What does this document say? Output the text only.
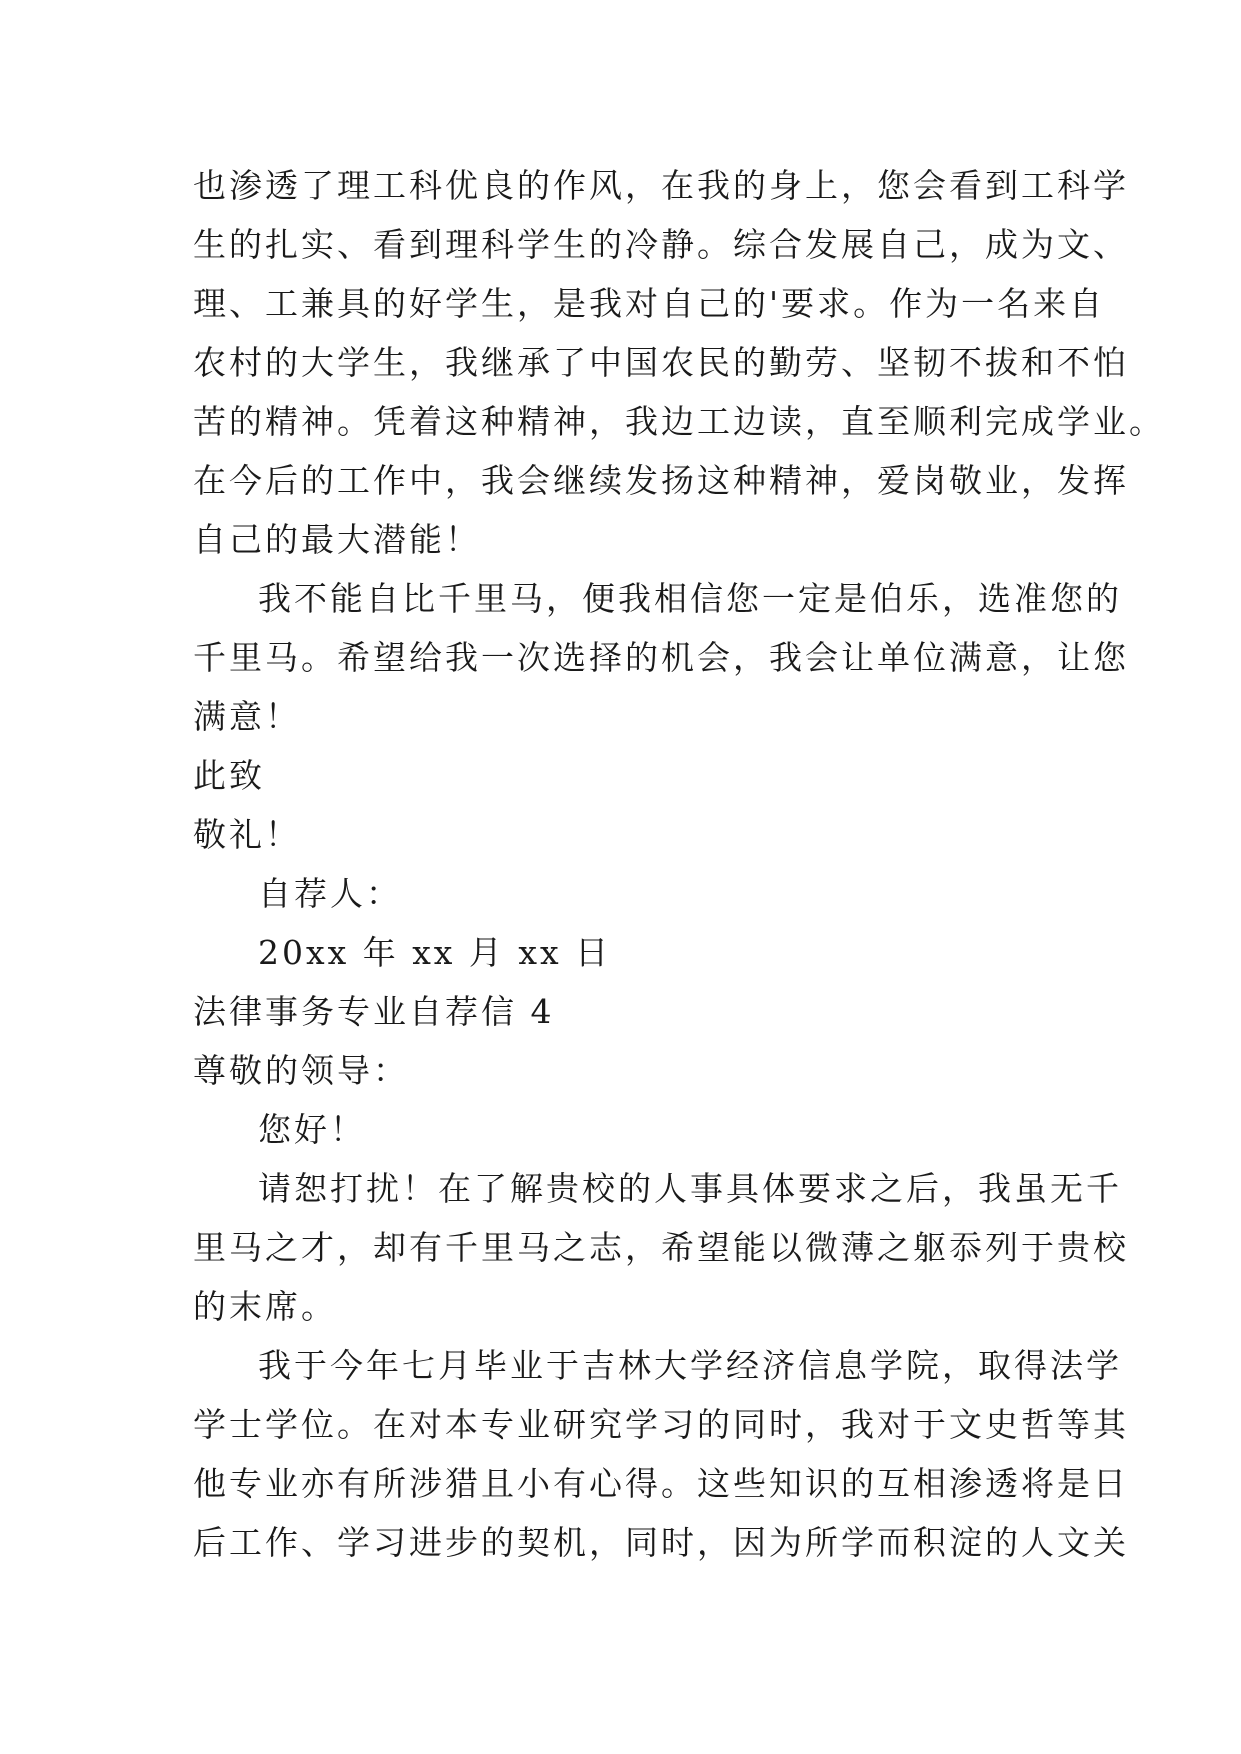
也渗透了理工科优良的作风，在我的身上，您会看到工科学
生的扎实、看到理科学生的冷静。综合发展自己，成为文、
理、工兼具的好学生，是我对自己的'要求。作为一名来自
农村的大学生，我继承了中国农民的勤劳、坚韧不拔和不怕
苦的精神。凭着这种精神，我边工边读，直至顺利完成学业。
在今后的工作中，我会继续发扬这种精神，爱岗敬业，发挥
自己的最大潜能！
我不能自比千里马，便我相信您一定是伯乐，选准您的
千里马。希望给我一次选择的机会，我会让单位满意，让您
满意！
此致
敬礼！
自荐人：
20xx 年 xx 月 xx 日
法律事务专业自荐信 4
尊敬的领导：
您好！
请恕打扰！在了解贵校的人事具体要求之后，我虽无千
里马之才，却有千里马之志，希望能以微薄之躯忝列于贵校
的末席。
我于今年七月毕业于吉林大学经济信息学院，取得法学
学士学位。在对本专业研究学习的同时，我对于文史哲等其
他专业亦有所涉猎且小有心得。这些知识的互相渗透将是日
后工作、学习进步的契机，同时，因为所学而积淀的人文关
